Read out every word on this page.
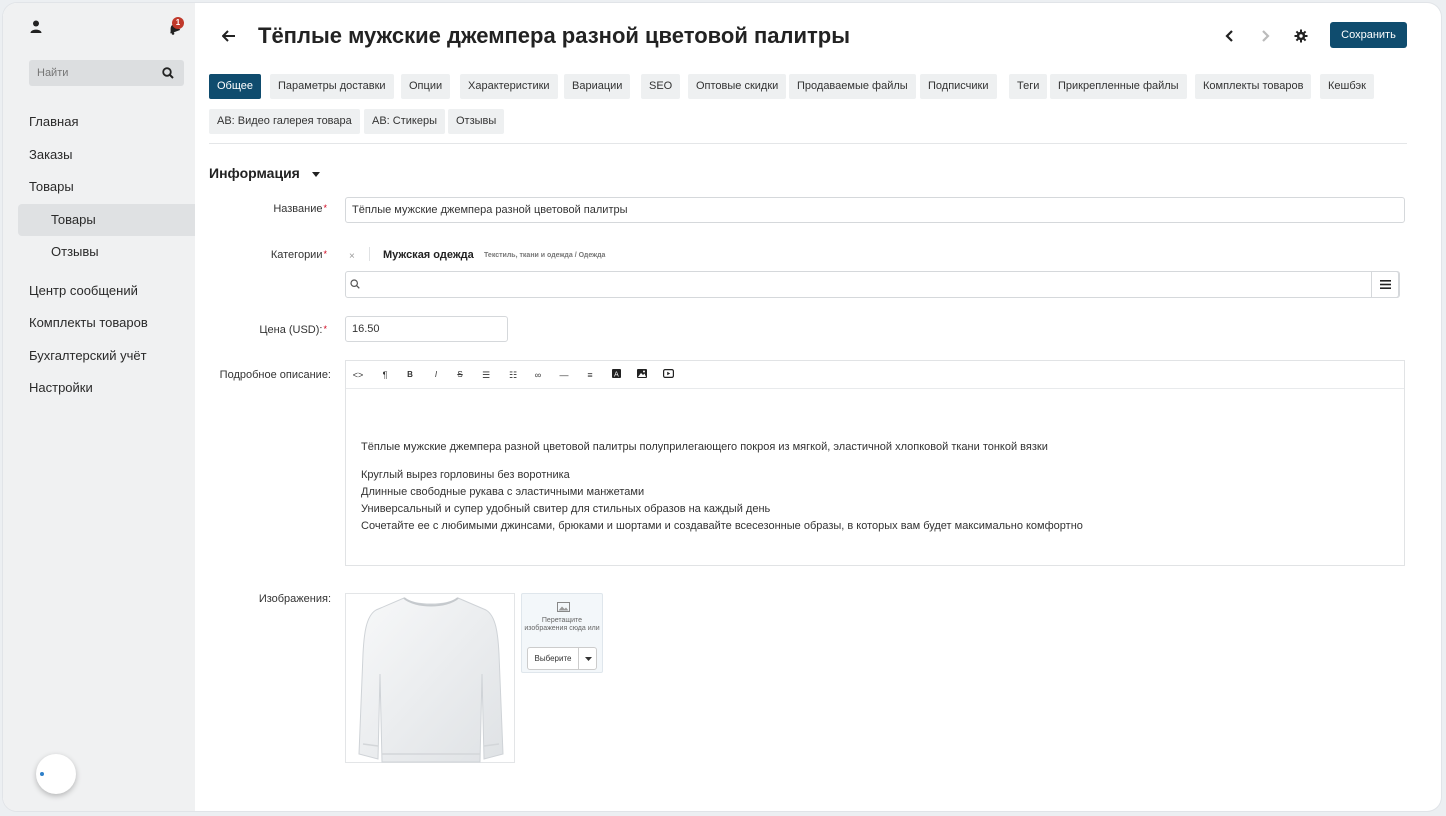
1
Найти
Главная
Заказы
Товары
Товары
Отзывы
Центр сообщений
Комплекты товаров
Бухгалтерский учёт
Настройки
Тёплые мужские джемпера разной цветовой палитры	Сохранить
Общее	Параметры доставки	Опции	Характеристики	Вариации	SEO	Оптовые скидки	Продаваемые файлы	Подписчики	Теги	Прикрепленные файлы	Комплекты товаров	Кешбэк
AB: Видео галерея товара	AB: Стикеры	Отзывы
Информация
Название*
Тёплые мужские джемпера разной цветовой палитры
Категории* ×	Мужская одежда Текстиль, ткани и одежда / Одежда
Цена (USD):*
16.50
Подробное описание: <>	¶	B	I	S	☰	☷	∞	—	≡	A

Тёплые мужские джемпера разной цветовой палитры полуприлегающего покроя из мягкой, эластичной хлопковой ткани тонкой вязки

Круглый вырез горловины без воротника
Длинные свободные рукава с эластичными манжетами
Универсальный и супер удобный свитер для стильных образов на каждый день
Сочетайте ее с любимыми джинсами, брюками и шортами и создавайте всесезонные образы, в которых вам будет максимально комфортно
Изображения:
Перетащите изображения сюда или
Выберите
